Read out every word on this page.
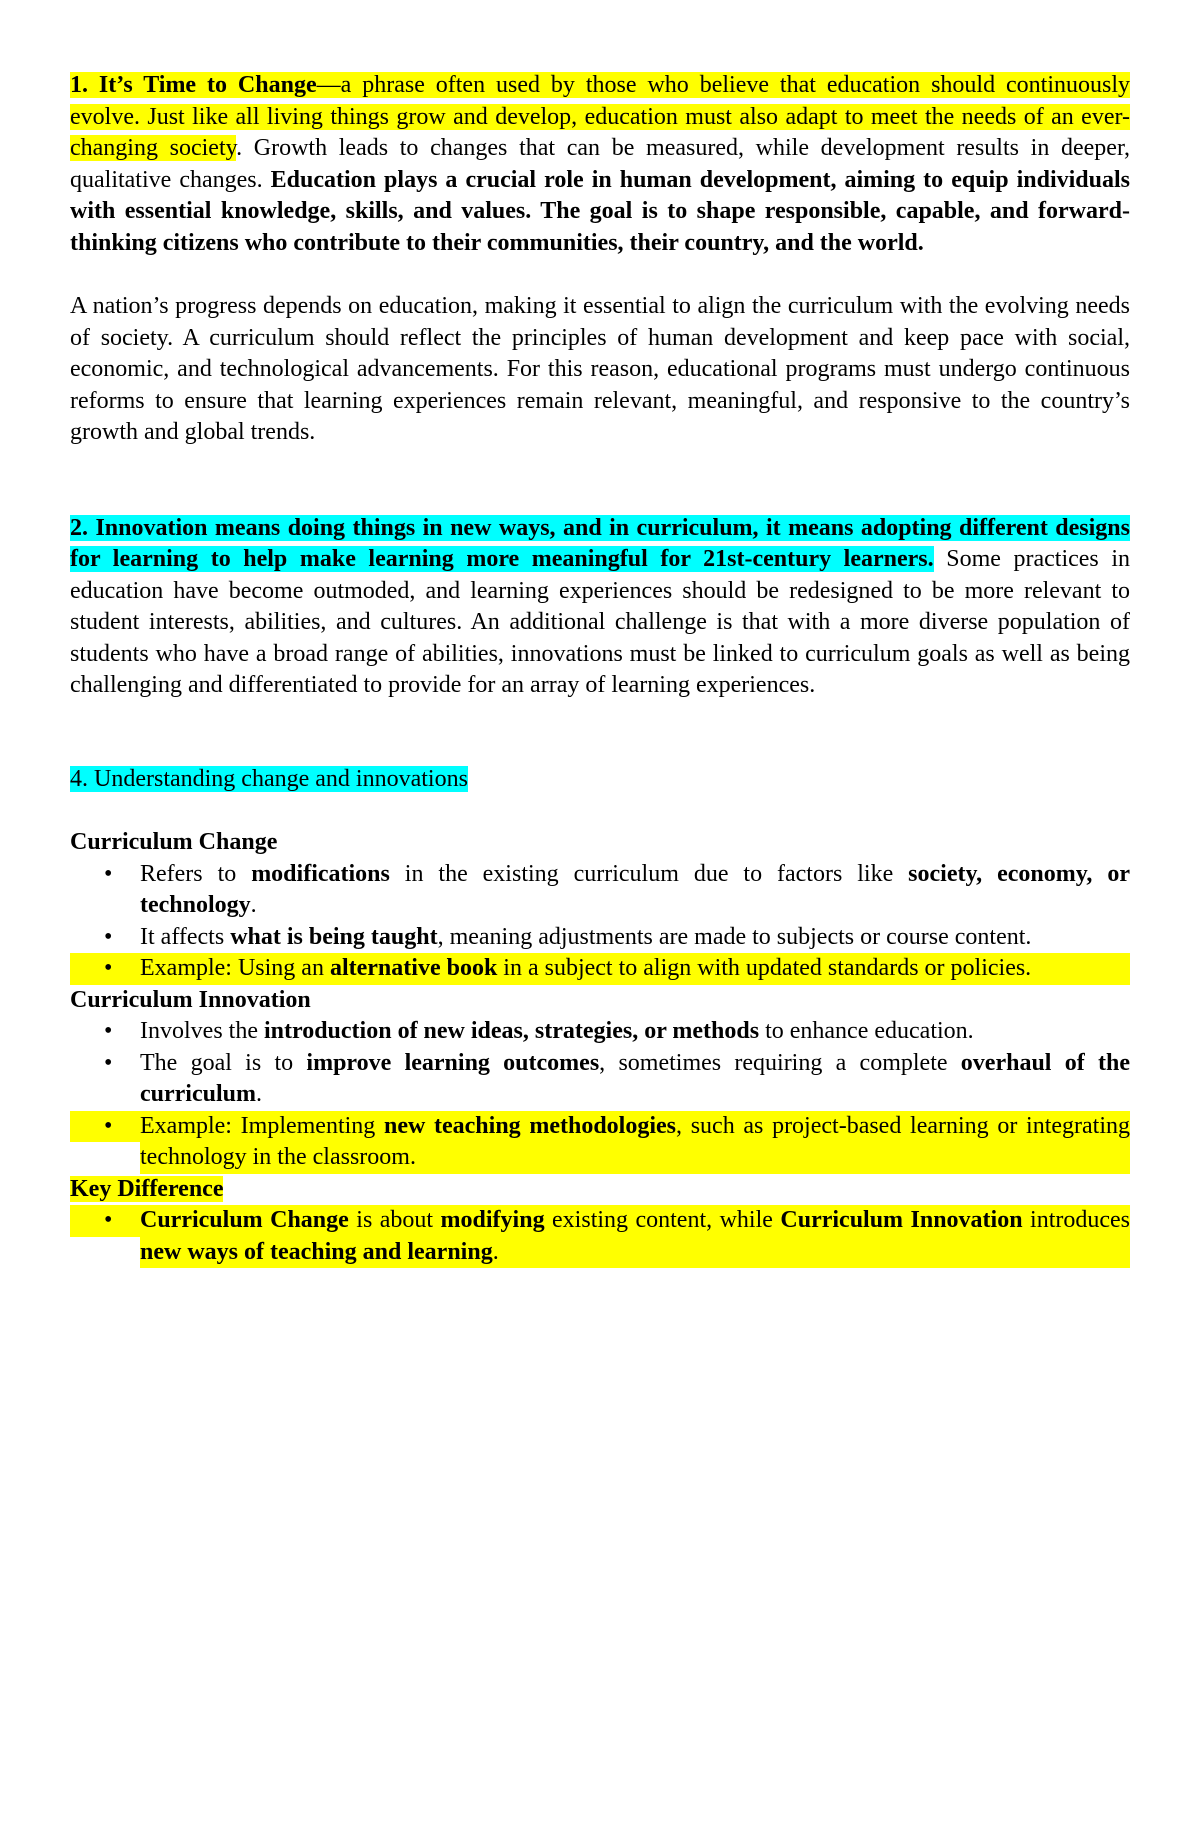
1. It’s Time to Change—a phrase often used by those who believe that education should continuously evolve. Just like all living things grow and develop, education must also adapt to meet the needs of an ever-changing society. Growth leads to changes that can be measured, while development results in deeper, qualitative changes. Education plays a crucial role in human development, aiming to equip individuals with essential knowledge, skills, and values. The goal is to shape responsible, capable, and forward-thinking citizens who contribute to their communities, their country, and the world.

A nation’s progress depends on education, making it essential to align the curriculum with the evolving needs of society. A curriculum should reflect the principles of human development and keep pace with social, economic, and technological advancements. For this reason, educational programs must undergo continuous reforms to ensure that learning experiences remain relevant, meaningful, and responsive to the country’s growth and global trends.

2. Innovation means doing things in new ways, and in curriculum, it means adopting different designs for learning to help make learning more meaningful for 21st-century learners. Some practices in education have become outmoded, and learning experiences should be redesigned to be more relevant to student interests, abilities, and cultures. An additional challenge is that with a more diverse population of students who have a broad range of abilities, innovations must be linked to curriculum goals as well as being challenging and differentiated to provide for an array of learning experiences.

4. Understanding change and innovations

Curriculum Change

• Refers to modifications in the existing curriculum due to factors like society, economy, or technology.
• It affects what is being taught, meaning adjustments are made to subjects or course content.
• Example: Using an alternative book in a subject to align with updated standards or policies.

Curriculum Innovation

• Involves the introduction of new ideas, strategies, or methods to enhance education.
• The goal is to improve learning outcomes, sometimes requiring a complete overhaul of the curriculum.
• Example: Implementing new teaching methodologies, such as project-based learning or integrating technology in the classroom.

Key Difference

• Curriculum Change is about modifying existing content, while Curriculum Innovation introduces new ways of teaching and learning.
